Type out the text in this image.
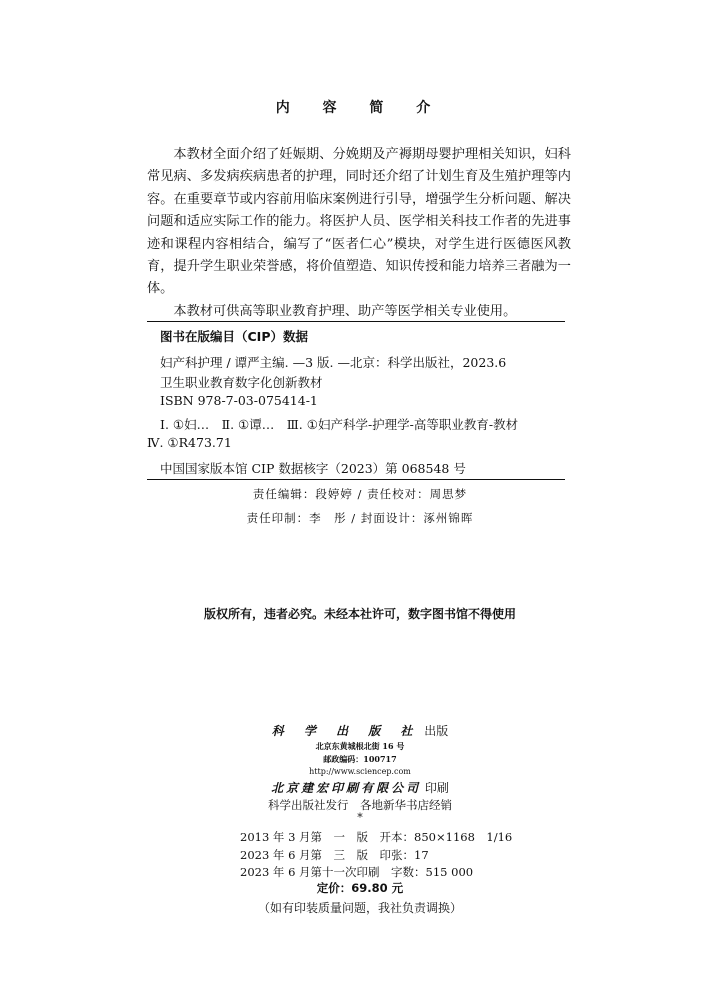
内 容 简 介

本教材全面介绍了妊娠期、分娩期及产褥期母婴护理相关知识，妇科常见病、多发病疾病患者的护理，同时还介绍了计划生育及生殖护理等内容。在重要章节或内容前用临床案例进行引导，增强学生分析问题、解决问题和适应实际工作的能力。将医护人员、医学相关科技工作者的先进事迹和课程内容相结合，编写了“医者仁心”模块，对学生进行医德医风教育，提升学生职业荣誉感，将价值塑造、知识传授和能力培养三者融为一体。

本教材可供高等职业教育护理、助产等医学相关专业使用。

图书在版编目（CIP）数据
妇产科护理 / 谭严主编. —3 版. —北京：科学出版社，2023.6
卫生职业教育数字化创新教材
ISBN 978-7-03-075414-1
Ⅰ. ①妇…　Ⅱ. ①谭…　Ⅲ. ①妇产科学-护理学-高等职业教育-教材
Ⅳ. ①R473.71
中国国家版本馆 CIP 数据核字（2023）第 068548 号
责任编辑：段婷婷 / 责任校对：周思梦
责任印制：李　彤 / 封面设计：涿州锦晖
版权所有，违者必究。未经本社许可，数字图书馆不得使用
科 学 出 版 社 出版
北京东黄城根北街 16 号
邮政编码：100717
http://www.sciencep.com
北京建宏印刷有限公司 印刷
科学出版社发行　各地新华书店经销
*
2013 年 3 月第　一　版　开本：850×1168　1/16
2023 年 6 月第　三　版　印张：17
2023 年 6 月第十一次印刷　字数：515 000
定价：69.80 元
（如有印装质量问题，我社负责调换）
